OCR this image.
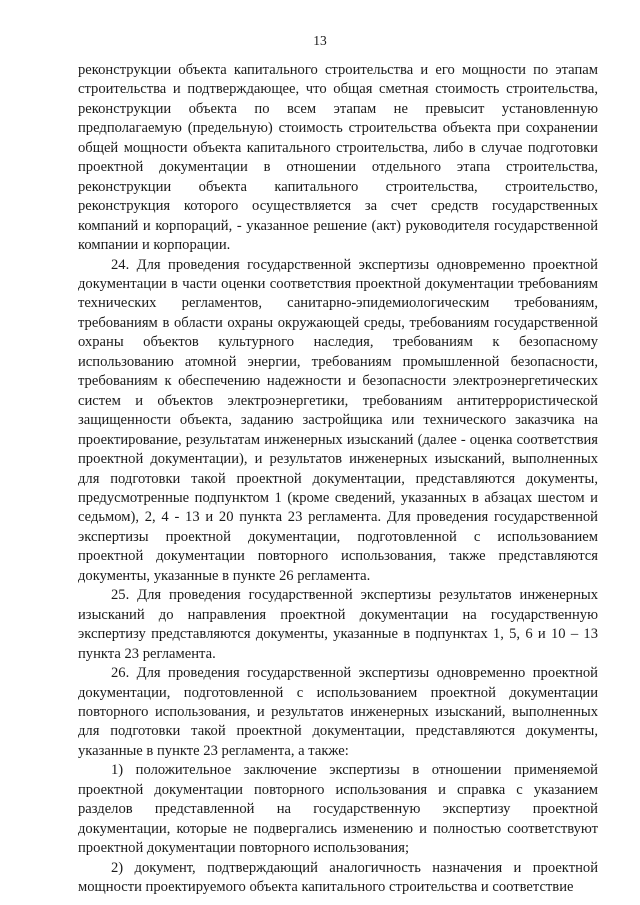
13

реконструкции объекта капитального строительства и его мощности по этапам строительства и подтверждающее, что общая сметная стоимость строительства, реконструкции объекта по всем этапам не превысит установленную предполагаемую (предельную) стоимость строительства объекта при сохранении общей мощности объекта капитального строительства, либо в случае подготовки проектной документации в отношении отдельного этапа строительства, реконструкции объекта капитального строительства, строительство, реконструкция которого осуществляется за счет средств государственных компаний и корпораций, - указанное решение (акт) руководителя государственной компании и корпорации.

24. Для проведения государственной экспертизы одновременно проектной документации в части оценки соответствия проектной документации требованиям технических регламентов, санитарно-эпидемиологическим требованиям, требованиям в области охраны окружающей среды, требованиям государственной охраны объектов культурного наследия, требованиям к безопасному использованию атомной энергии, требованиям промышленной безопасности, требованиям к обеспечению надежности и безопасности электроэнергетических систем и объектов электроэнергетики, требованиям антитеррористической защищенности объекта, заданию застройщика или технического заказчика на проектирование, результатам инженерных изысканий (далее - оценка соответствия проектной документации), и результатов инженерных изысканий, выполненных для подготовки такой проектной документации, представляются документы, предусмотренные подпунктом 1 (кроме сведений, указанных в абзацах шестом и седьмом), 2, 4 - 13 и 20 пункта 23 регламента. Для проведения государственной экспертизы проектной документации, подготовленной с использованием проектной документации повторного использования, также представляются документы, указанные в пункте 26 регламента.

25. Для проведения государственной экспертизы результатов инженерных изысканий до направления проектной документации на государственную экспертизу представляются документы, указанные в подпунктах 1, 5, 6 и 10 – 13 пункта 23 регламента.

26. Для проведения государственной экспертизы одновременно проектной документации, подготовленной с использованием проектной документации повторного использования, и результатов инженерных изысканий, выполненных для подготовки такой проектной документации, представляются документы, указанные в пункте 23 регламента, а также:

1) положительное заключение экспертизы в отношении применяемой проектной документации повторного использования и справка с указанием разделов представленной на государственную экспертизу проектной документации, которые не подвергались изменению и полностью соответствуют проектной документации повторного использования;

2) документ, подтверждающий аналогичность назначения и проектной мощности проектируемого объекта капитального строительства и соответствие
